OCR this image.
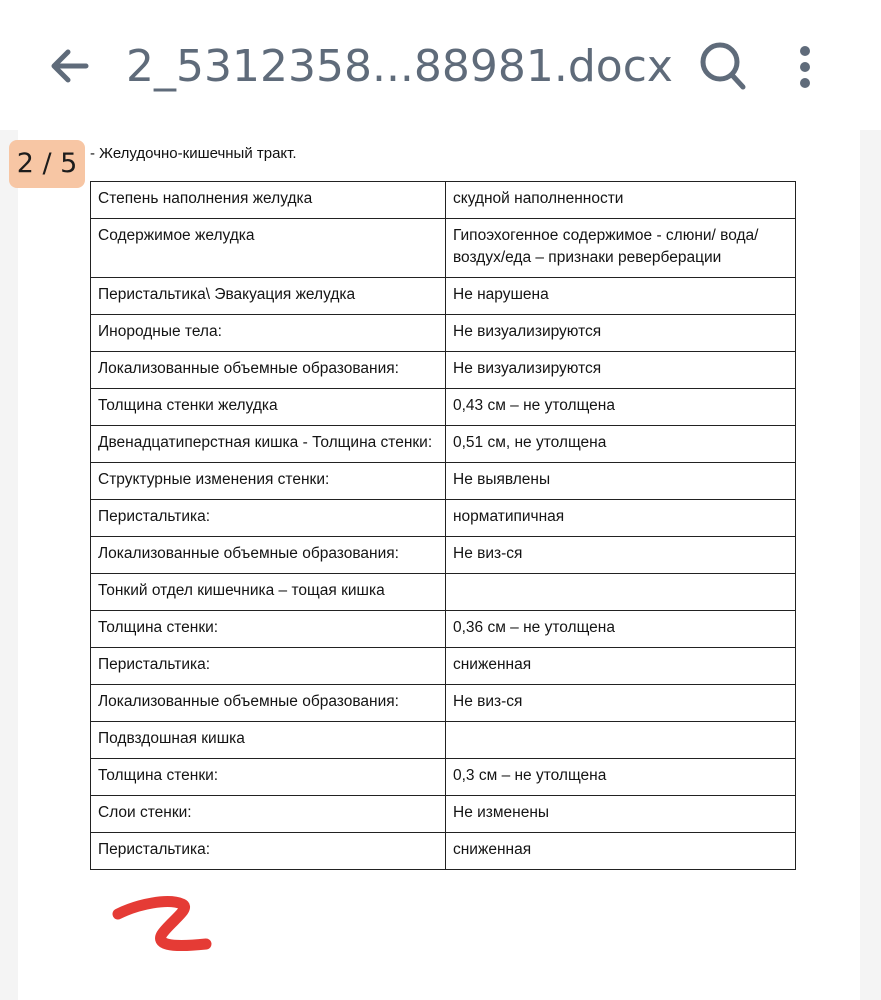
2_5312358...88981.docx
- Желудочно-кишечный тракт.
Степень наполнения желудка	скудной наполненности
Содержимое желудка	Гипоэхогенное содержимое - слюни/ вода/воздух/еда – признаки реверберации
Перистальтика\ Эвакуация желудка	Не нарушена
Инородные тела:	Не визуализируются
Локализованные объемные образования:	Не визуализируются
Толщина стенки желудка	0,43 см – не утолщена
Двенадцатиперстная кишка - Толщина стенки:	0,51 см, не утолщена
Структурные изменения стенки:	Не выявлены
Перистальтика:	норматипичная
Локализованные объемные образования:	Не виз-ся
Тонкий отдел кишечника – тощая кишка	
Толщина стенки:	0,36 см – не утолщена
Перистальтика:	сниженная
Локализованные объемные образования:	Не виз-ся
Подвздошная кишка	
Толщина стенки:	0,3 см – не утолщена
Слои стенки:	Не изменены
Перистальтика:	сниженная
2 / 5
